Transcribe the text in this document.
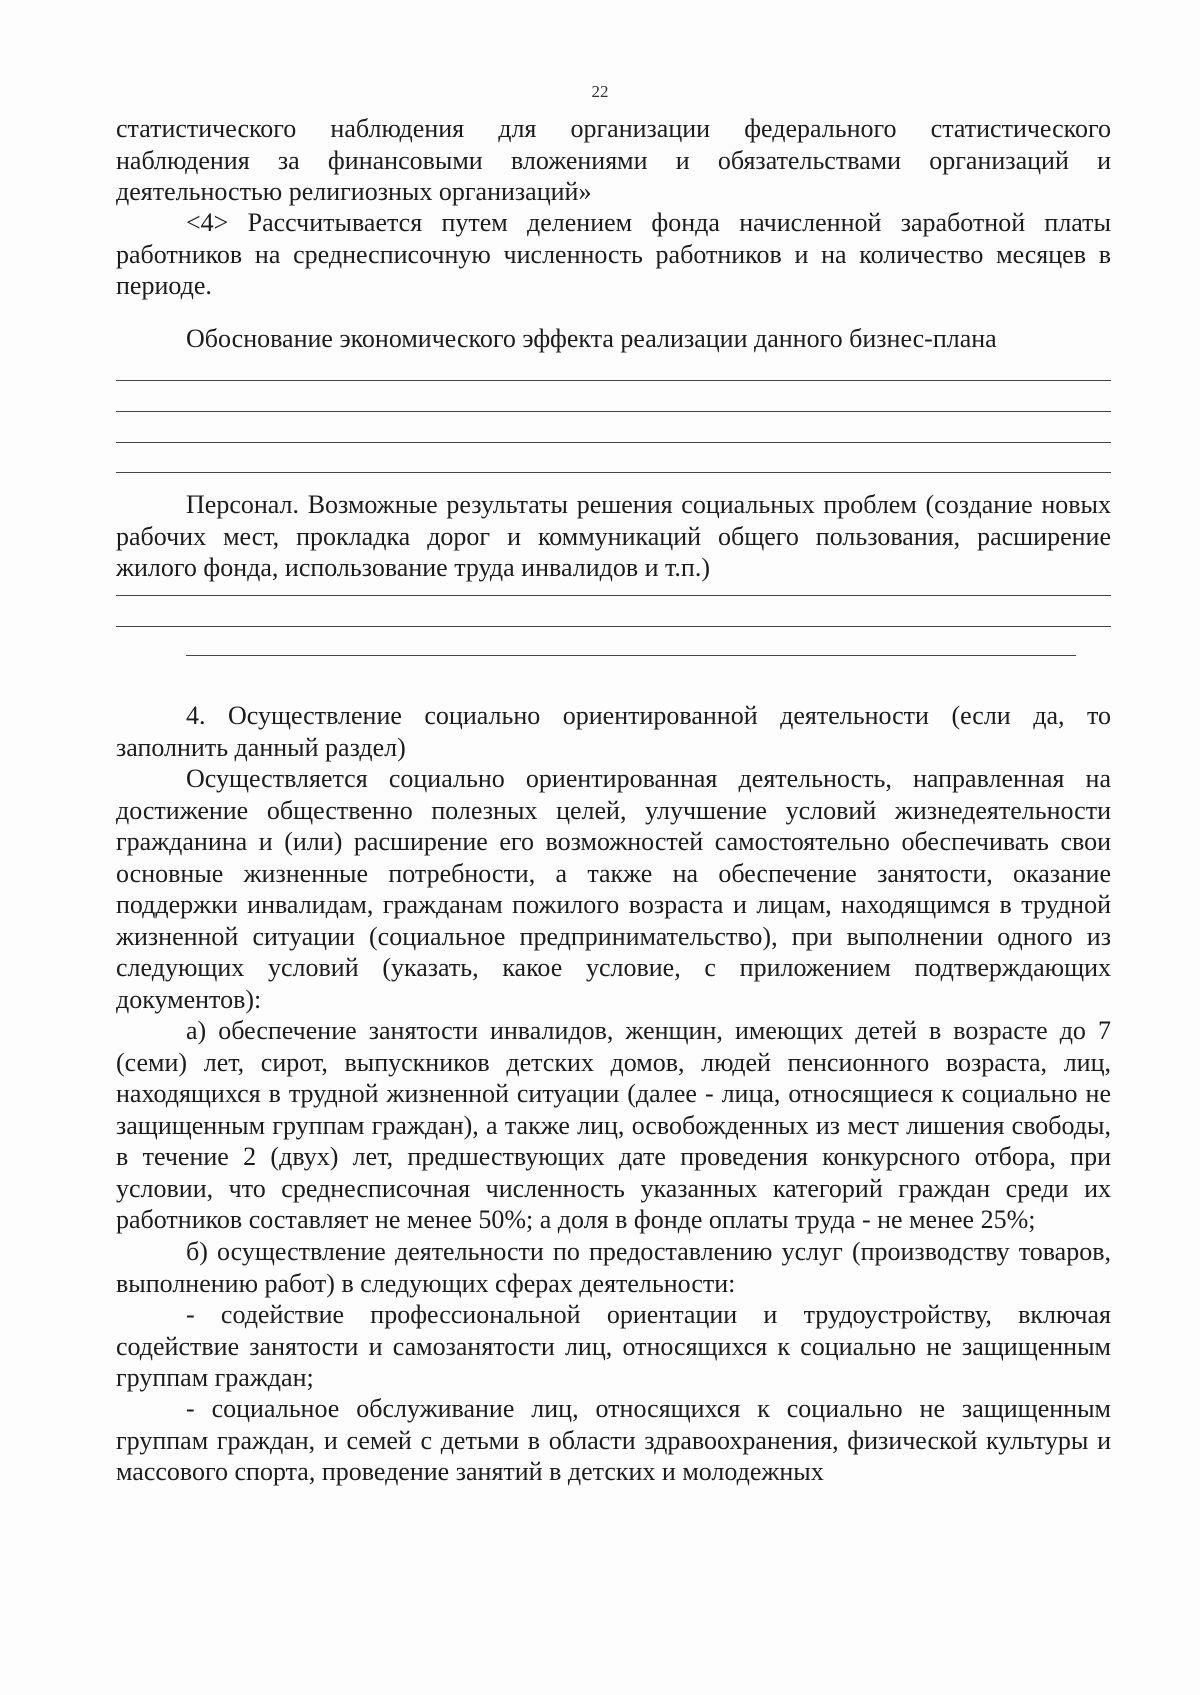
22

статистического наблюдения для организации федерального статистического наблюдения за финансовыми вложениями и обязательствами организаций и деятельностью религиозных организаций»

<4> Рассчитывается путем делением фонда начисленной заработной платы работников на среднесписочную численность работников и на количество месяцев в периоде.

Обоснование экономического эффекта реализации данного бизнес-плана

Персонал. Возможные результаты решения социальных проблем (создание новых рабочих мест, прокладка дорог и коммуникаций общего пользования, расширение жилого фонда, использование труда инвалидов и т.п.)

4. Осуществление социально ориентированной деятельности (если да, то заполнить данный раздел)

Осуществляется социально ориентированная деятельность, направленная на достижение общественно полезных целей, улучшение условий жизнедеятельности гражданина и (или) расширение его возможностей самостоятельно обеспечивать свои основные жизненные потребности, а также на обеспечение занятости, оказание поддержки инвалидам, гражданам пожилого возраста и лицам, находящимся в трудной жизненной ситуации (социальное предпринимательство), при выполнении одного из следующих условий (указать, какое условие, с приложением подтверждающих документов):

а) обеспечение занятости инвалидов, женщин, имеющих детей в возрасте до 7 (семи) лет, сирот, выпускников детских домов, людей пенсионного возраста, лиц, находящихся в трудной жизненной ситуации (далее - лица, относящиеся к социально не защищенным группам граждан), а также лиц, освобожденных из мест лишения свободы, в течение 2 (двух) лет, предшествующих дате проведения конкурсного отбора, при условии, что среднесписочная численность указанных категорий граждан среди их работников составляет не менее 50%; а доля в фонде оплаты труда - не менее 25%;

б) осуществление деятельности по предоставлению услуг (производству товаров, выполнению работ) в следующих сферах деятельности:

- содействие профессиональной ориентации и трудоустройству, включая содействие занятости и самозанятости лиц, относящихся к социально не защищенным группам граждан;

- социальное обслуживание лиц, относящихся к социально не защищенным группам граждан, и семей с детьми в области здравоохранения, физической культуры и массового спорта, проведение занятий в детских и молодежных
